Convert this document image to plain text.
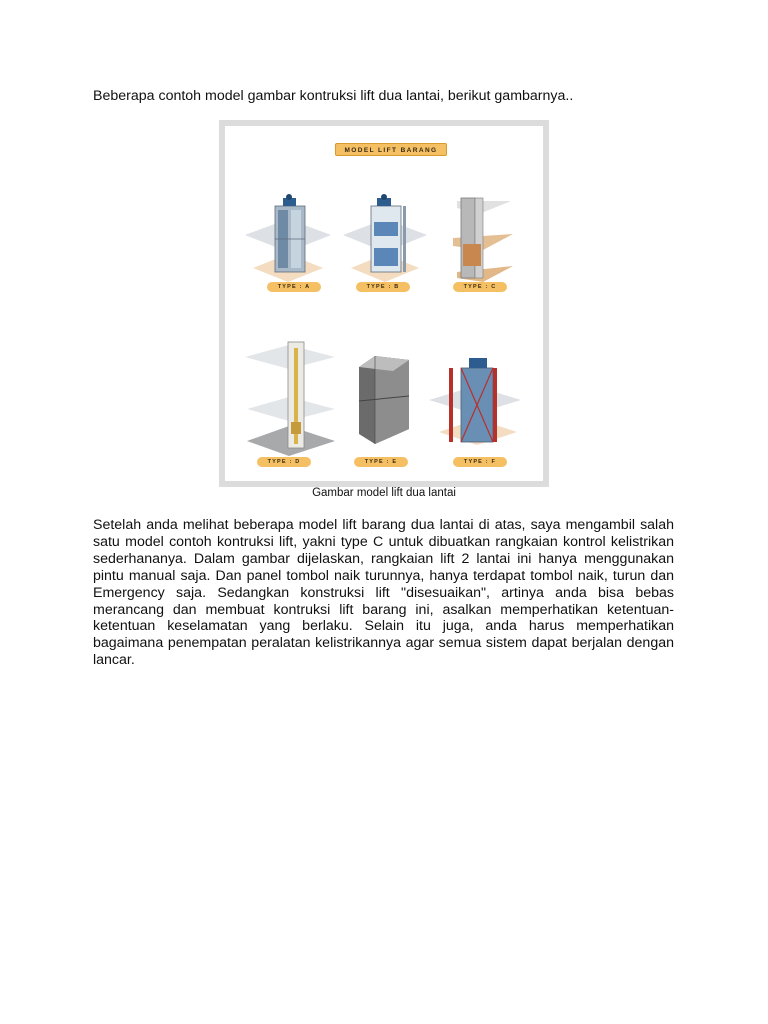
Beberapa contoh model gambar kontruksi lift dua lantai, berikut gambarnya..

MODEL LIFT BARANG
TYPE : A	TYPE : B	TYPE : C
TYPE : D	TYPE : E	TYPE : F

Gambar model lift dua lantai

Setelah anda melihat beberapa model lift barang dua lantai di atas, saya mengambil salah satu model contoh kontruksi lift, yakni type C untuk dibuatkan rangkaian kontrol kelistrikan sederhananya. Dalam gambar dijelaskan, rangkaian lift 2 lantai ini hanya menggunakan pintu manual saja. Dan panel tombol naik turunnya, hanya terdapat tombol naik, turun dan Emergency saja. Sedangkan konstruksi lift "disesuaikan", artinya anda bisa bebas merancang dan membuat kontruksi lift barang ini, asalkan memperhatikan ketentuan-ketentuan keselamatan yang berlaku. Selain itu juga, anda harus memperhatikan bagaimana penempatan peralatan kelistrikannya agar semua sistem dapat berjalan dengan lancar.
